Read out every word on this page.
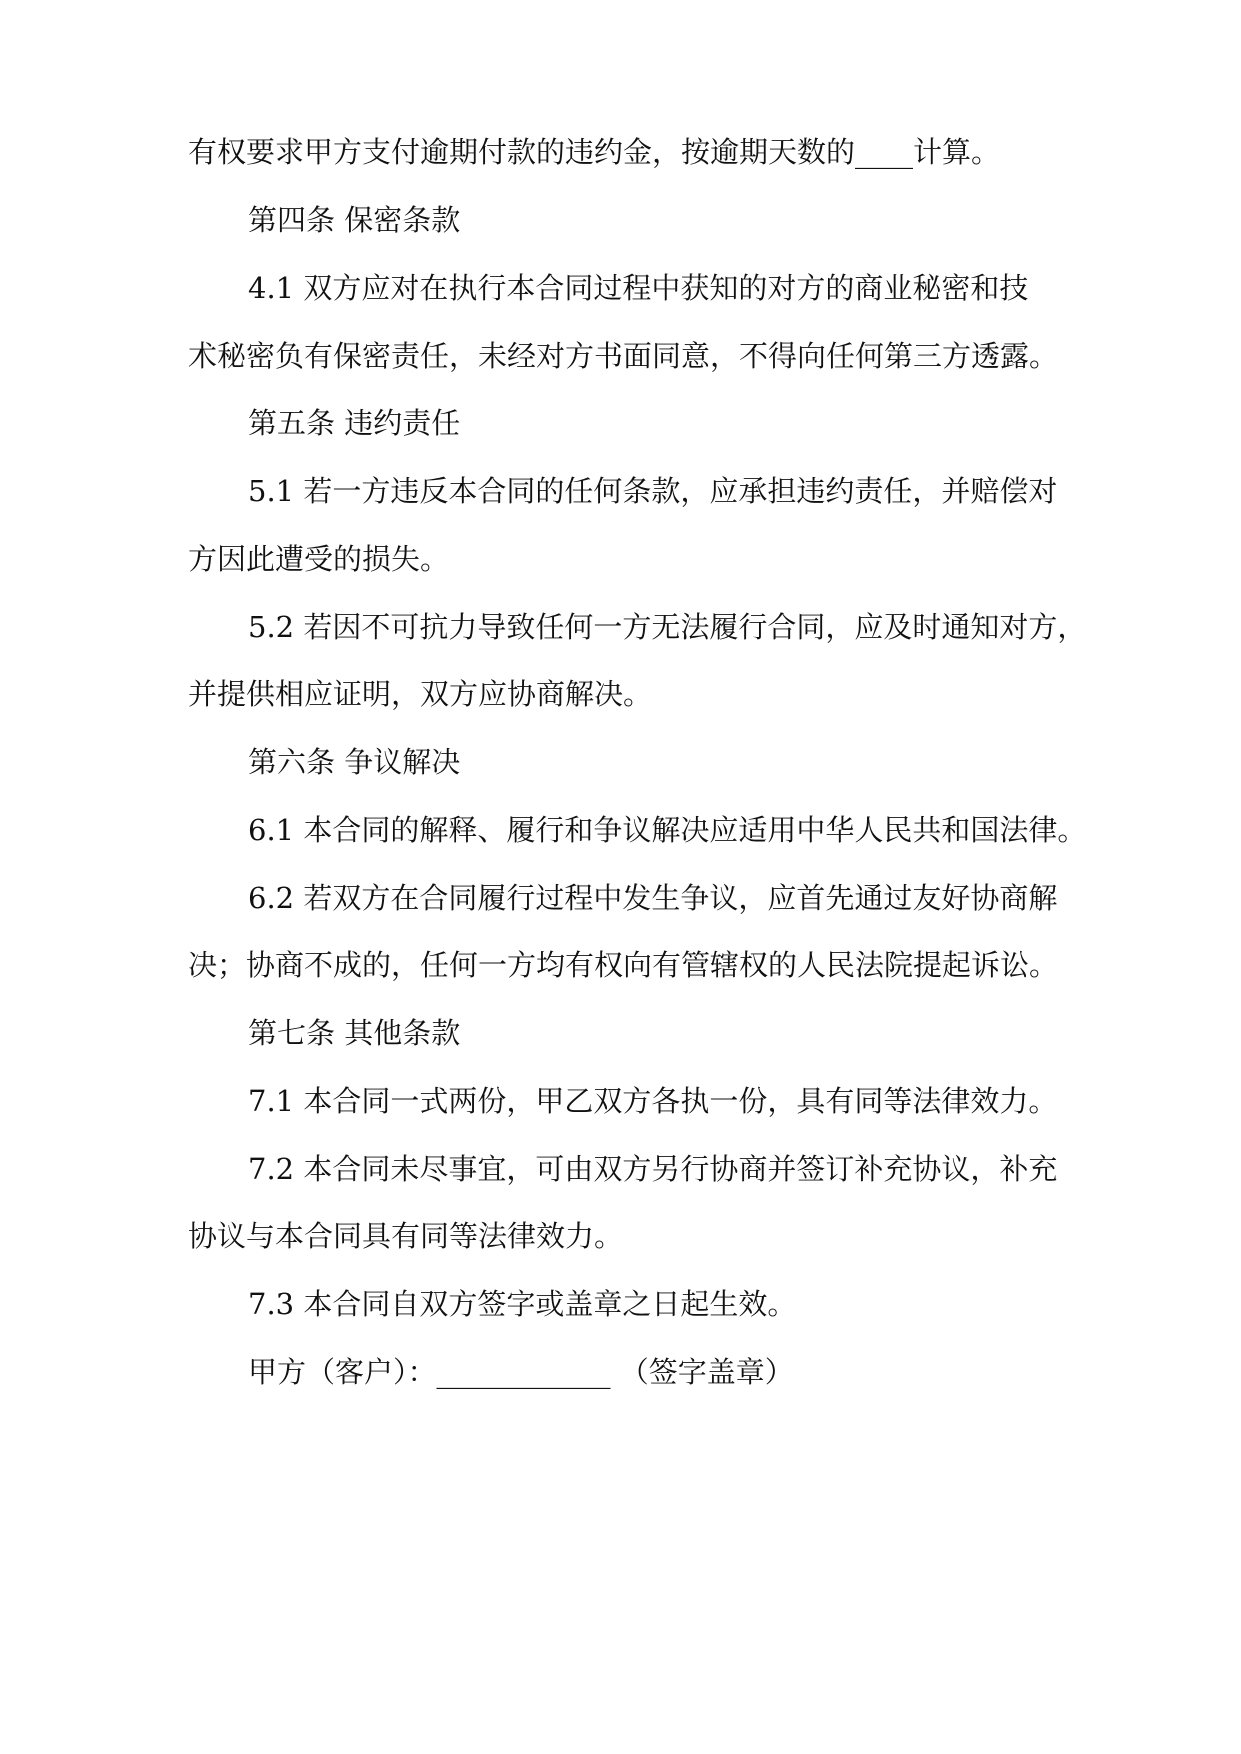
有权要求甲方支付逾期付款的违约金，按逾期天数的____计算。
第四条 保密条款
4.1 双方应对在执行本合同过程中获知的对方的商业秘密和技
术秘密负有保密责任，未经对方书面同意，不得向任何第三方透露。
第五条 违约责任
5.1 若一方违反本合同的任何条款，应承担违约责任，并赔偿对
方因此遭受的损失。
5.2 若因不可抗力导致任何一方无法履行合同，应及时通知对方，
并提供相应证明，双方应协商解决。
第六条 争议解决
6.1 本合同的解释、履行和争议解决应适用中华人民共和国法律。
6.2 若双方在合同履行过程中发生争议，应首先通过友好协商解
决；协商不成的，任何一方均有权向有管辖权的人民法院提起诉讼。
第七条 其他条款
7.1 本合同一式两份，甲乙双方各执一份，具有同等法律效力。
7.2 本合同未尽事宜，可由双方另行协商并签订补充协议，补充
协议与本合同具有同等法律效力。
7.3 本合同自双方签字或盖章之日起生效。
甲方（客户）：____________ （签字盖章）
